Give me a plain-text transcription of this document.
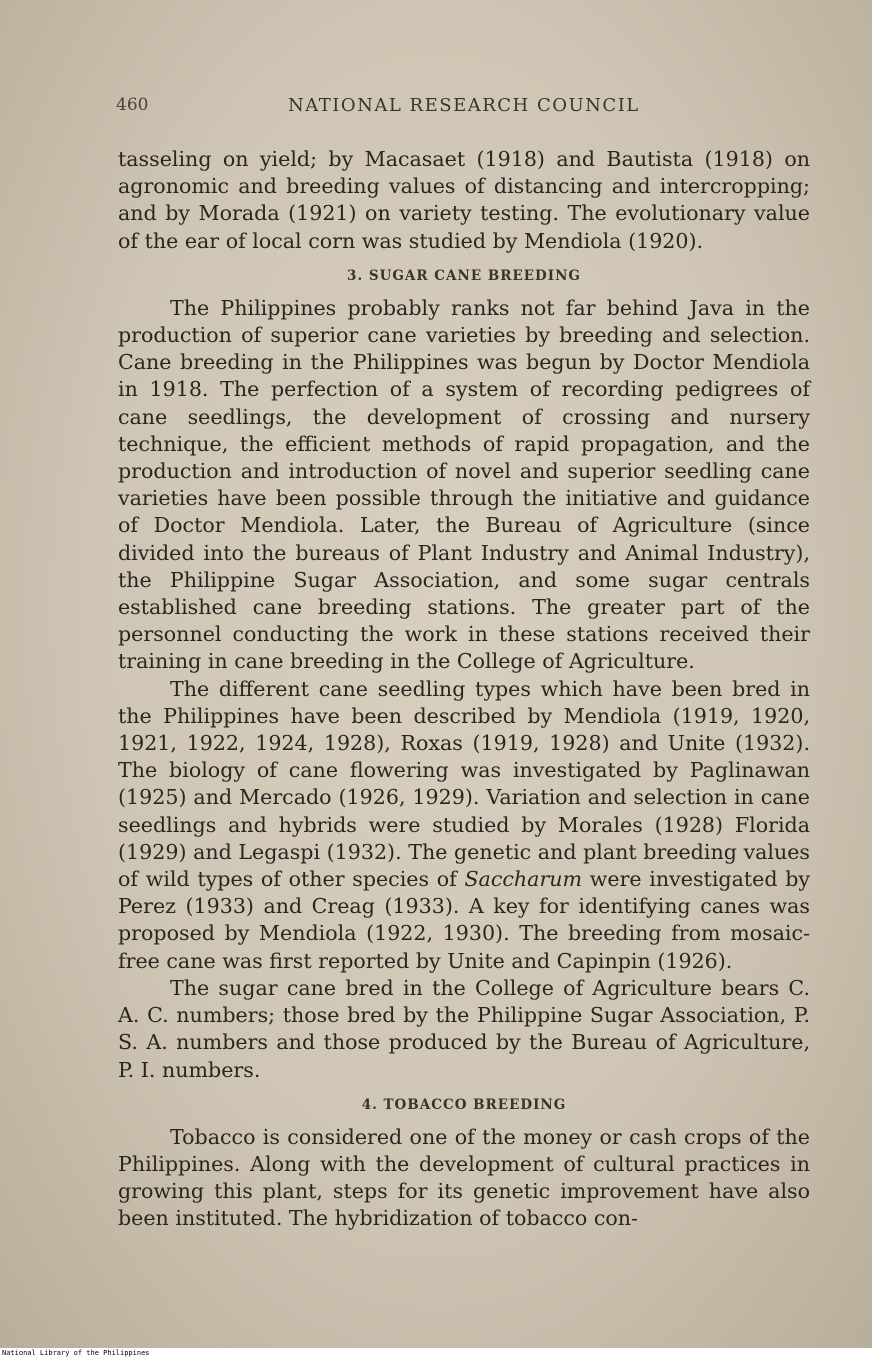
460	NATIONAL RESEARCH COUNCIL

tasseling on yield; by Macasaet (1918) and Bautista (1918) on agronomic and breeding values of distancing and intercropping; and by Morada (1921) on variety testing. The evolutionary value of the ear of local corn was studied by Mendiola (1920).

3. SUGAR CANE BREEDING

The Philippines probably ranks not far behind Java in the production of superior cane varieties by breeding and selection. Cane breeding in the Philippines was begun by Doctor Mendiola in 1918. The perfection of a system of recording pedigrees of cane seedlings, the development of crossing and nursery technique, the efficient methods of rapid propagation, and the production and introduction of novel and superior seedling cane varieties have been possible through the initiative and guidance of Doctor Mendiola. Later, the Bureau of Agriculture (since divided into the bureaus of Plant Industry and Animal Industry), the Philippine Sugar Association, and some sugar centrals established cane breeding stations. The greater part of the personnel conducting the work in these stations received their training in cane breeding in the College of Agriculture.

The different cane seedling types which have been bred in the Philippines have been described by Mendiola (1919, 1920, 1921, 1922, 1924, 1928), Roxas (1919, 1928) and Unite (1932). The biology of cane flowering was investigated by Paglinawan (1925) and Mercado (1926, 1929). Variation and selection in cane seedlings and hybrids were studied by Morales (1928) Florida (1929) and Legaspi (1932). The genetic and plant breeding values of wild types of other species of Saccharum were investigated by Perez (1933) and Creag (1933). A key for identifying canes was proposed by Mendiola (1922, 1930). The breeding from mosaic-free cane was first reported by Unite and Capinpin (1926).

The sugar cane bred in the College of Agriculture bears C. A. C. numbers; those bred by the Philippine Sugar Association, P. S. A. numbers and those produced by the Bureau of Agriculture, P. I. numbers.

4. TOBACCO BREEDING

Tobacco is considered one of the money or cash crops of the Philippines. Along with the development of cultural practices in growing this plant, steps for its genetic improvement have also been instituted. The hybridization of tobacco con-

National Library of the Philippines
